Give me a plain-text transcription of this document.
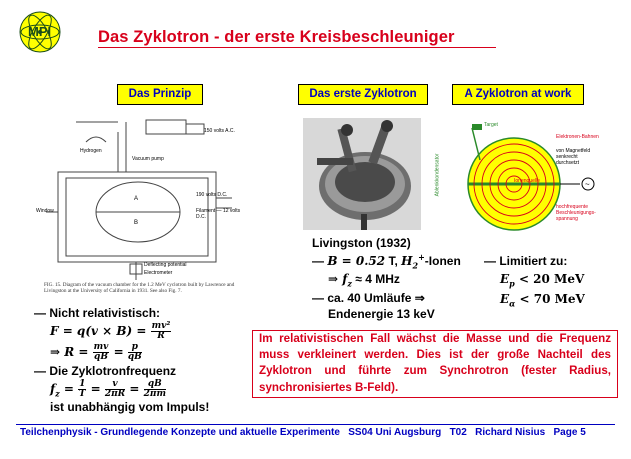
MPI	Das Zyklotron - der erste Kreisbeschleuniger
Das Prinzip	Das erste Zyklotron	A Zyklotron at work
Hydrogen
Vacuum pump
150 volts A.C.
190 volts D.C.
Filament — 12 volts D.C.
Window
Deflecting potential
Electrometer
A
B
FIG. 15. Diagram of the vacuum chamber for the 1.2 MeV cyclotron built by Lawrence and Livingston at the University of California in 1931. See also Fig. 7.
~
Target
Elektronen-Bahnen
von Magnetfeld senkrecht durchsetzt
Ionenquelle
hochfrequente Beschleunigungs-spannung
Ablenkkondensator
— Nicht relativistisch:
$F = q(v \times B) = \frac{\text{mv²}}{R}$
⇒ $R = \frac{mv}{qB} = \frac{p}{qB}$
— Die Zyklotronfrequenz
$f_z = \frac{1}{T} = \frac{v}{2\pi R} = \frac{qB}{2\pi m}$
ist unabhängig vom Impuls!
Livingston (1932)
— B = 0.52 T, $H_2^+$-Ionen
⇒ $f_z \approx 4$ MHz
— ca. 40 Umläufe ⇒
Endenergie 13 keV
— Limitiert zu:
$E_p < 20$ MeV
$E_\alpha < 70$ MeV
Im relativistischen Fall wächst die Masse und die Frequenz muss verkleinert werden. Dies ist der große Nachteil des Zyklotron und führte zum Synchrotron (fester Radius, synchronisiertes B-Feld).
Teilchenphysik - Grundlegende Konzepte und aktuelle Experimente SS04 Uni Augsburg T02 Richard Nisius Page 5
